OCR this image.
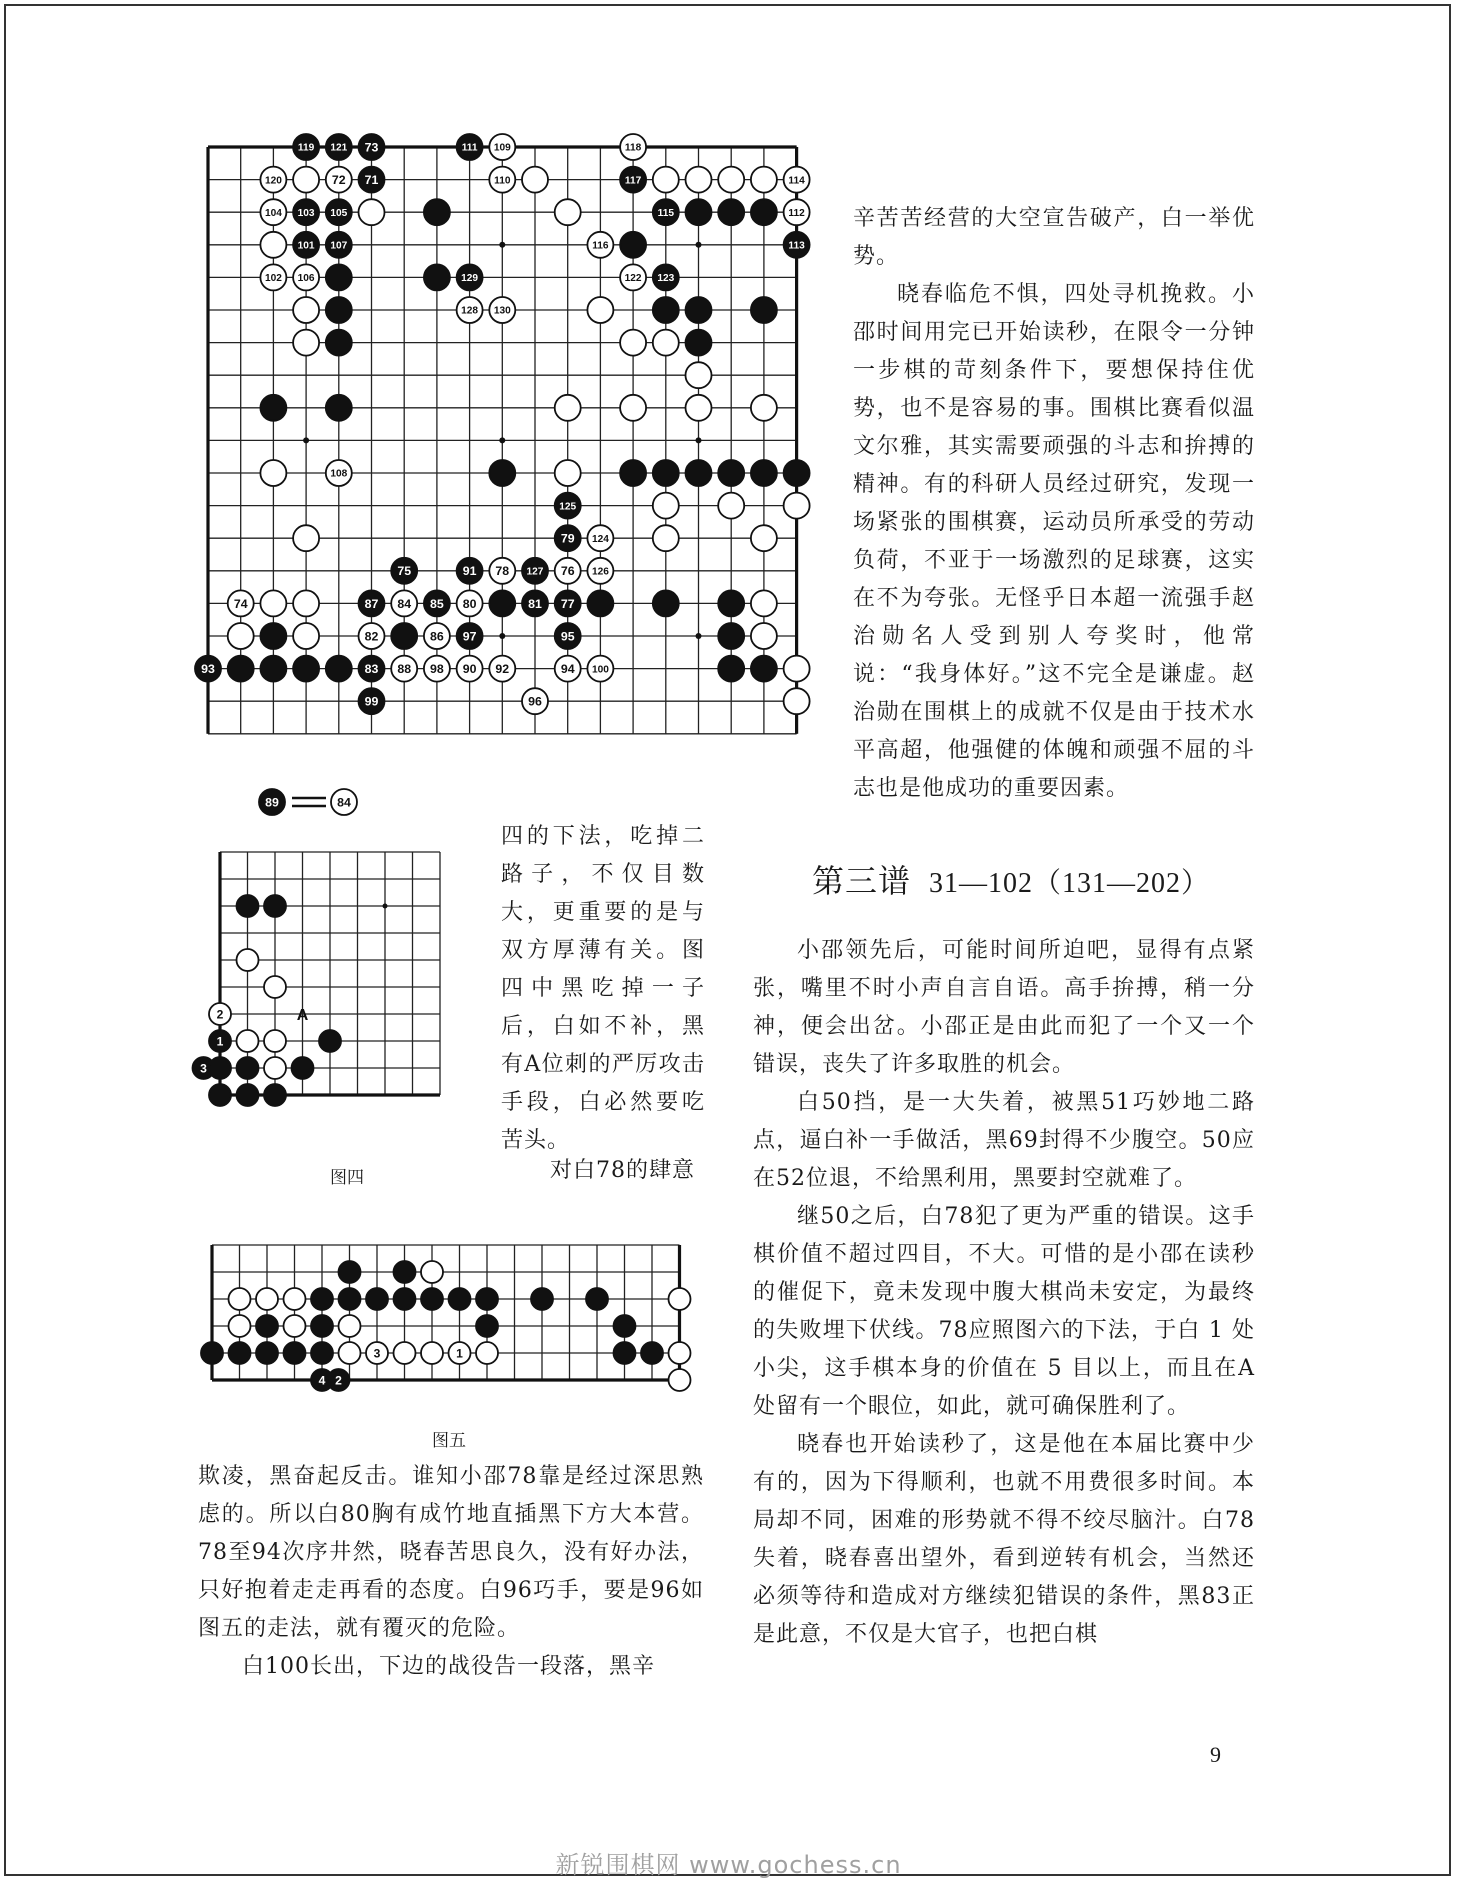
119 121 73	111 109	118
120	72 71	110	117	114
104 103 105	115	112
101 107	116	113
102 106	129	122 123
128 130
108
125
79 124
75	91 78 127 76 126
74	87 84 85 80	81 77
82	86 97	95
93	83 88 98 90 92	94 100
99	96
89	84
2
1
3
A
图四
3	1
4 2
图五

辛苦苦经营的大空宣告破产，白一举优势。

晓春临危不惧，四处寻机挽救。小邵时间用完已开始读秒，在限令一分钟一步棋的苛刻条件下，要想保持住优势，也不是容易的事。围棋比赛看似温文尔雅，其实需要顽强的斗志和拚搏的精神。有的科研人员经过研究，发现一场紧张的围棋赛，运动员所承受的劳动负荷，不亚于一场激烈的足球赛，这实在不为夸张。无怪乎日本超一流强手赵治勋名人受到别人夸奖时，他常说：“我身体好。”这不完全是谦虚。赵治勋在围棋上的成就不仅是由于技术水平高超，他强健的体魄和顽强不屈的斗志也是他成功的重要因素。

四的下法，吃掉二路子，不仅目数大，更重要的是与双方厚薄有关。图四中黑吃掉一子后，白如不补，黑有A位刺的严厉攻击手段，白必然要吃苦头。

对白78的肆意

欺凌，黑奋起反击。谁知小邵78靠是经过深思熟虑的。所以白80胸有成竹地直插黑下方大本营。78至94次序井然，晓春苦思良久，没有好办法，只好抱着走走再看的态度。白96巧手，要是96如图五的走法，就有覆灭的危险。

白100长出，下边的战役告一段落，黑辛

第三谱 31—102（131—202）

小邵领先后，可能时间所迫吧，显得有点紧张，嘴里不时小声自言自语。高手拚搏，稍一分神，便会出岔。小邵正是由此而犯了一个又一个错误，丧失了许多取胜的机会。

白50挡，是一大失着，被黑51巧妙地二路点，逼白补一手做活，黑69封得不少腹空。50应在52位退，不给黑利用，黑要封空就难了。

继50之后，白78犯了更为严重的错误。这手棋价值不超过四目，不大。可惜的是小邵在读秒的催促下，竟未发现中腹大棋尚未安定，为最终的失败埋下伏线。78应照图六的下法，于白 1 处小尖，这手棋本身的价值在 5 目以上，而且在A处留有一个眼位，如此，就可确保胜利了。

晓春也开始读秒了，这是他在本届比赛中少有的，因为下得顺利，也就不用费很多时间。本局却不同，困难的形势就不得不绞尽脑汁。白78失着，晓春喜出望外，看到逆转有机会，当然还必须等待和造成对方继续犯错误的条件，黑83正是此意，不仅是大官子，也把白棋

9
新锐围棋网 www.gochess.cn
